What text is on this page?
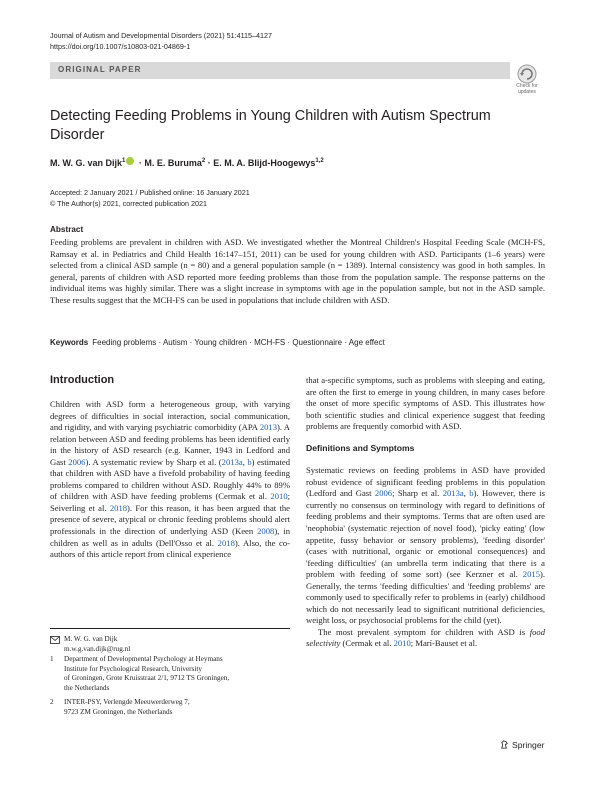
Journal of Autism and Developmental Disorders (2021) 51:4115–4127
https://doi.org/10.1007/s10803-021-04869-1
ORIGINAL PAPER
Check for
updates
Detecting Feeding Problems in Young Children with Autism Spectrum Disorder
M. W. G. van Dijk$^1$ · M. E. Buruma$^2$ · E. M. A. Blijd-Hoogewys$^{1,2}$
Accepted: 2 January 2021 / Published online: 16 January 2021
© The Author(s) 2021, corrected publication 2021
Abstract
Feeding problems are prevalent in children with ASD. We investigated whether the Montreal Children's Hospital Feeding Scale (MCH-FS, Ramsay et al. in Pediatrics and Child Health 16:147–151, 2011) can be used for young children with ASD. Participants (1–6 years) were selected from a clinical ASD sample (n = 80) and a general population sample (n = 1389). Internal consistency was good in both samples. In general, parents of children with ASD reported more feeding problems than those from the population sample. The response patterns on the individual items was highly similar. There was a slight increase in symptoms with age in the population sample, but not in the ASD sample. These results suggest that the MCH-FS can be used in populations that include children with ASD.
Keywords Feeding problems · Autism · Young children · MCH-FS · Questionnaire · Age effect
Introduction

Children with ASD form a heterogeneous group, with varying degrees of difficulties in social interaction, social communication, and rigidity, and with varying psychiatric comorbidity (APA 2013). A relation between ASD and feeding problems has been identified early in the history of ASD research (e.g. Kanner, 1943 in Ledford and Gast 2006). A systematic review by Sharp et al. (2013a, b) estimated that children with ASD have a fivefold probability of having feeding problems compared to children without ASD. Roughly 44% to 89% of children with ASD have feeding problems (Cermak et al. 2010; Seiverling et al. 2018). For this reason, it has been argued that the presence of severe, atypical or chronic feeding problems should alert professionals in the direction of underlying ASD (Keen 2008), in children as well as in adults (Dell'Osso et al. 2018). Also, the co-authors of this article report from clinical experience

that a-specific symptoms, such as problems with sleeping and eating, are often the first to emerge in young children, in many cases before the onset of more specific symptoms of ASD. This illustrates how both scientific studies and clinical experience suggest that feeding problems are frequently comorbid with ASD.

Definitions and Symptoms

Systematic reviews on feeding problems in ASD have provided robust evidence of significant feeding problems in this population (Ledford and Gast 2006; Sharp et al. 2013a, b). However, there is currently no consensus on terminology with regard to definitions of feeding problems and their symptoms. Terms that are often used are 'neophobia' (systematic rejection of novel food), 'picky eating' (low appetite, fussy behavior or sensory problems), 'feeding disorder' (cases with nutritional, organic or emotional consequences) and 'feeding difficulties' (an umbrella term indicating that there is a problem with feeding of some sort) (see Kerzner et al. 2015). Generally, the terms 'feeding difficulties' and 'feeding problems' are commonly used to specifically refer to problems in (early) childhood which do not necessarily lead to significant nutritional deficiencies, weight loss, or psychosocial problems for the child (yet).

The most prevalent symptom for children with ASD is food selectivity (Cermak et al. 2010; Marí-Bauset et al.

M. W. G. van Dijk
m.w.g.van.dijk@rug.nl
1 Department of Developmental Psychology at Heymans
Institute for Psychological Research, University
of Groningen, Grote Kruisstraat 2/1, 9712 TS Groningen,
the Netherlands
2 INTER-PSY, Verlengde Meeuwerderweg 7,
9723 ZM Groningen, the Netherlands
Springer
